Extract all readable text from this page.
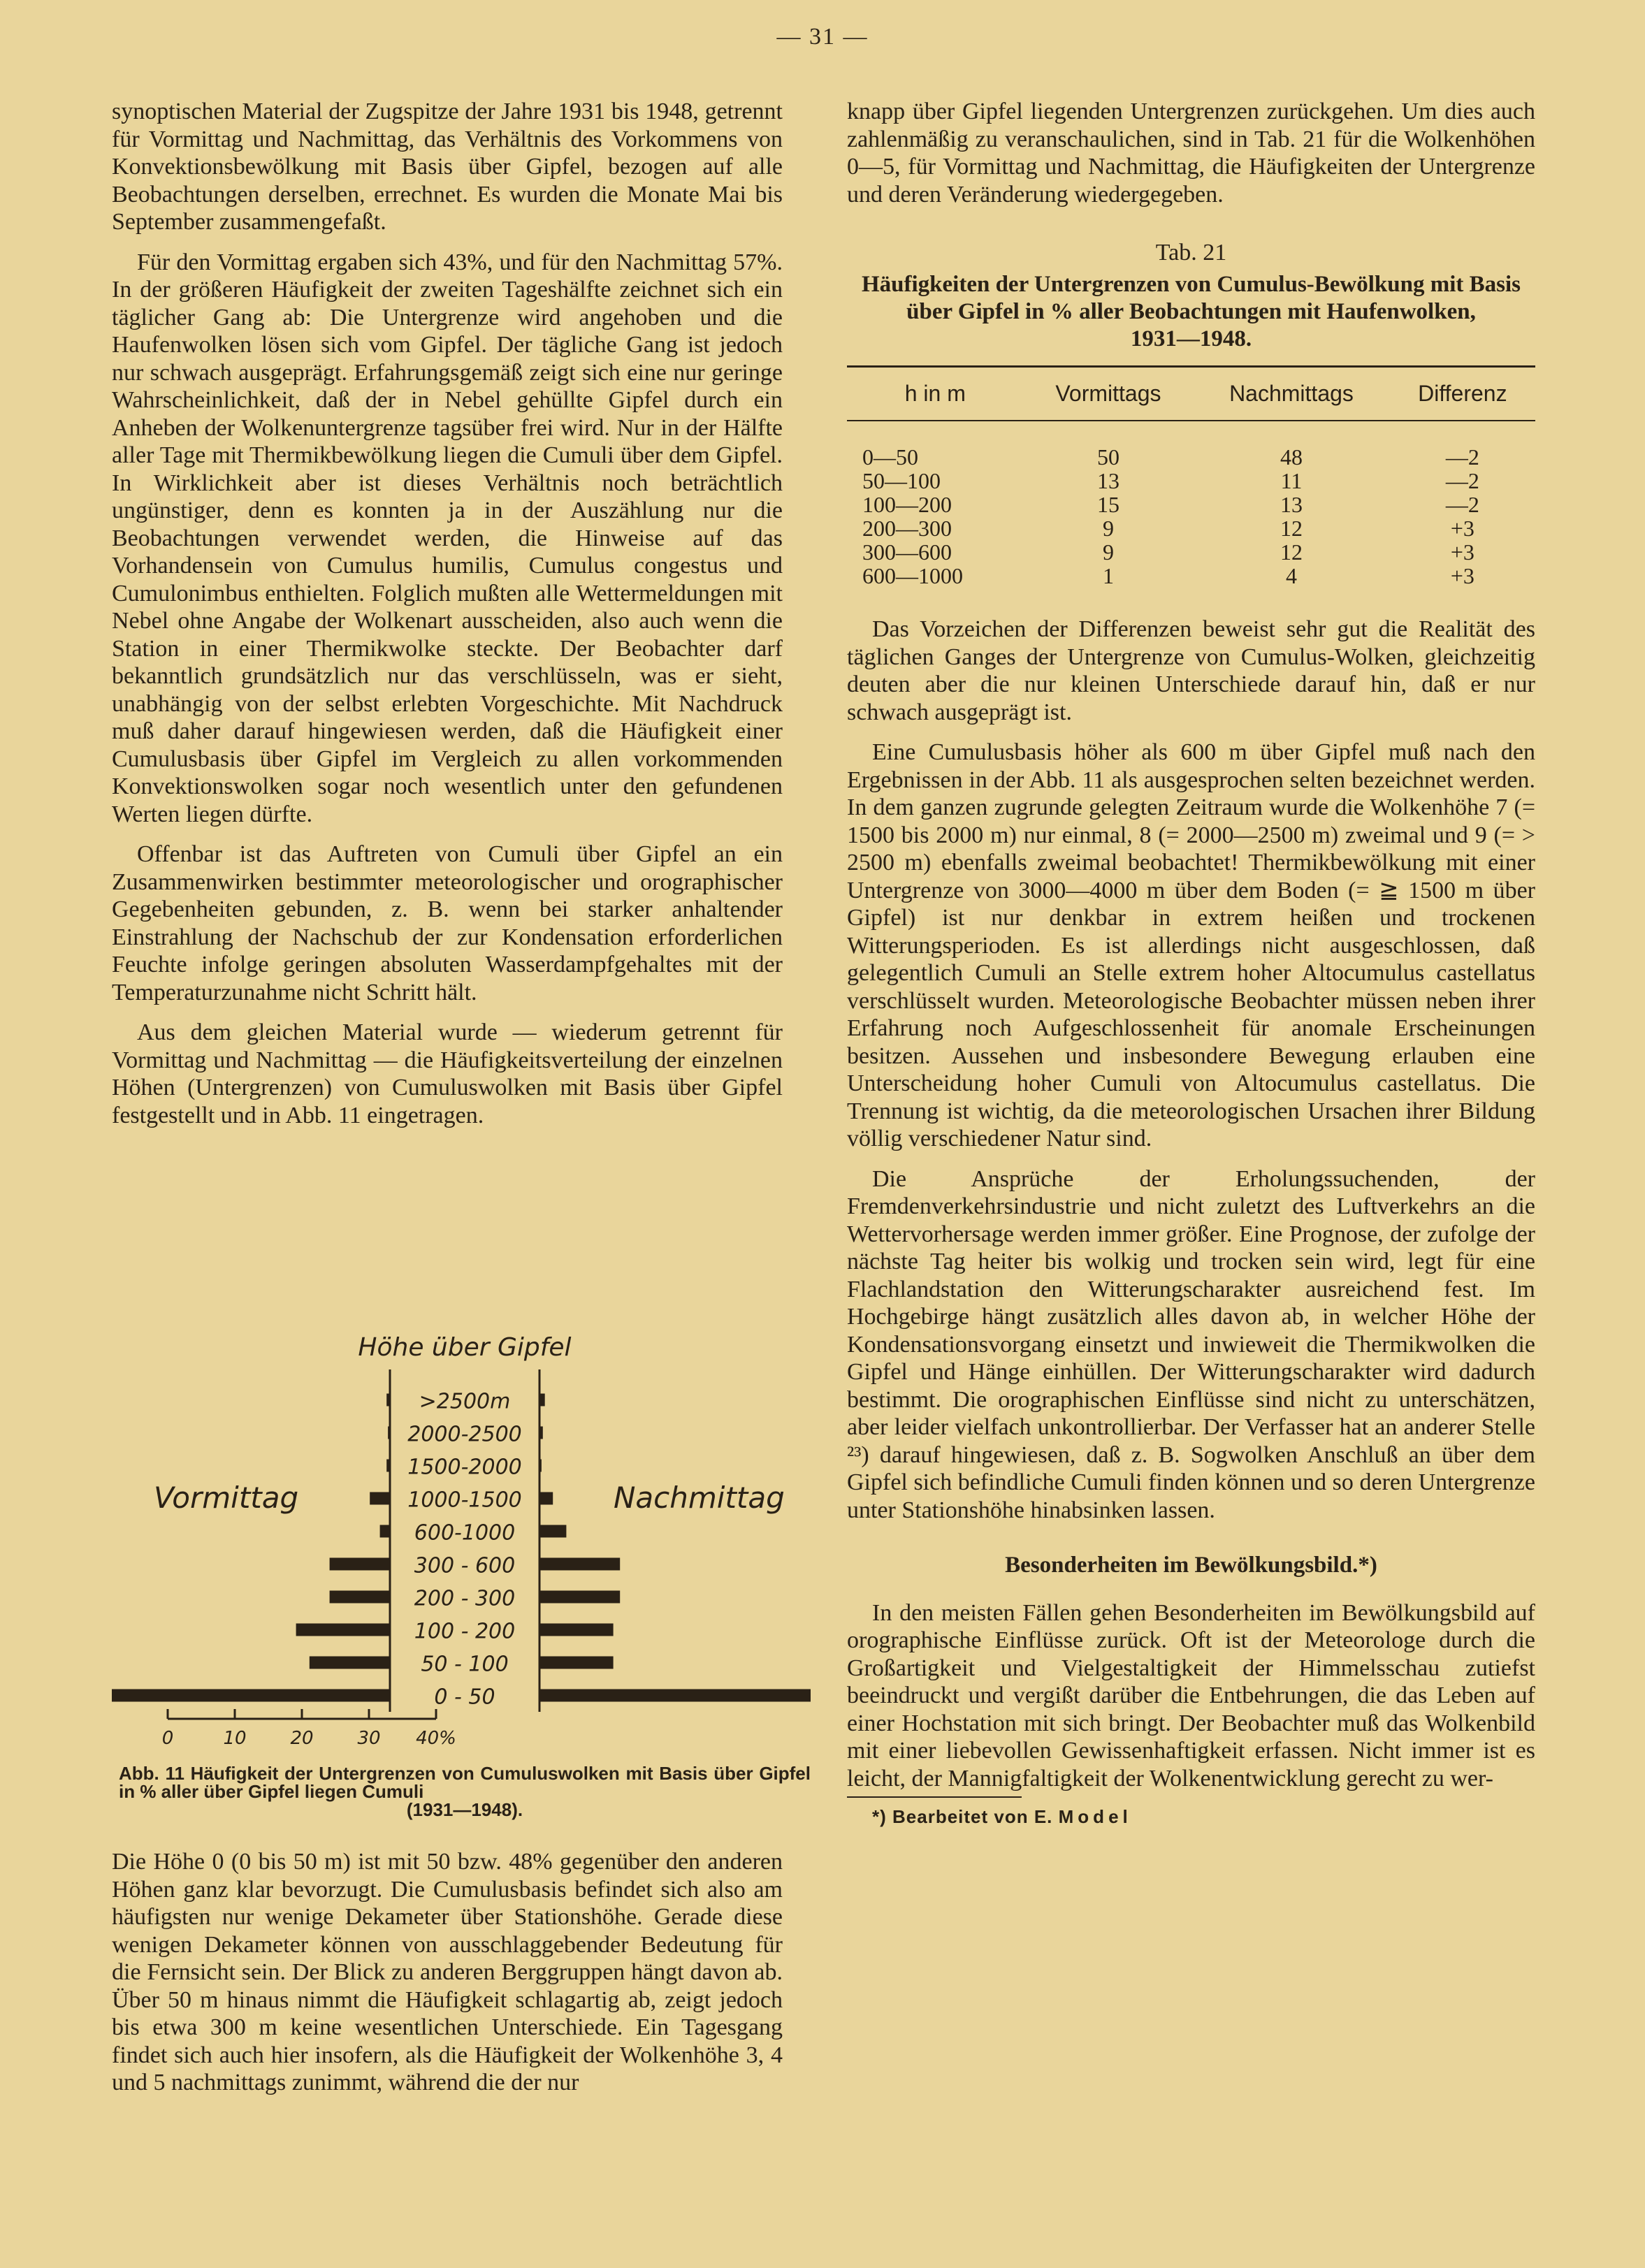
— 31 —

synoptischen Material der Zugspitze der Jahre 1931 bis 1948, getrennt für Vormittag und Nachmittag, das Verhältnis des Vorkommens von Konvektionsbewölkung mit Basis über Gipfel, bezogen auf alle Beobachtungen derselben, errechnet. Es wurden die Monate Mai bis September zusammengefaßt.

Für den Vormittag ergaben sich 43%, und für den Nachmittag 57%. In der größeren Häufigkeit der zweiten Tageshälfte zeichnet sich ein täglicher Gang ab: Die Untergrenze wird angehoben und die Haufenwolken lösen sich vom Gipfel. Der tägliche Gang ist jedoch nur schwach ausgeprägt. Erfahrungsgemäß zeigt sich eine nur geringe Wahrscheinlichkeit, daß der in Nebel gehüllte Gipfel durch ein Anheben der Wolkenuntergrenze tagsüber frei wird. Nur in der Hälfte aller Tage mit Thermikbewölkung liegen die Cumuli über dem Gipfel. In Wirklichkeit aber ist dieses Verhältnis noch beträchtlich ungünstiger, denn es konnten ja in der Auszählung nur die Beobachtungen verwendet werden, die Hinweise auf das Vorhandensein von Cumulus humilis, Cumulus congestus und Cumulonimbus enthielten. Folglich mußten alle Wettermeldungen mit Nebel ohne Angabe der Wolkenart ausscheiden, also auch wenn die Station in einer Thermikwolke steckte. Der Beobachter darf bekanntlich grundsätzlich nur das verschlüsseln, was er sieht, unabhängig von der selbst erlebten Vorgeschichte. Mit Nachdruck muß daher darauf hingewiesen werden, daß die Häufigkeit einer Cumulusbasis über Gipfel im Vergleich zu allen vorkommenden Konvektionswolken sogar noch wesentlich unter den gefundenen Werten liegen dürfte.

Offenbar ist das Auftreten von Cumuli über Gipfel an ein Zusammenwirken bestimmter meteorologischer und orographischer Gegebenheiten gebunden, z. B. wenn bei starker anhaltender Einstrahlung der Nachschub der zur Kondensation erforderlichen Feuchte infolge geringen absoluten Wasserdampfgehaltes mit der Temperaturzunahme nicht Schritt hält.

Aus dem gleichen Material wurde — wiederum getrennt für Vormittag und Nachmittag — die Häufigkeitsverteilung der einzelnen Höhen (Untergrenzen) von Cumuluswolken mit Basis über Gipfel festgestellt und in Abb. 11 eingetragen.

Höhe über Gipfel
>2500m
2000-2500
1500-2000
1000-1500
600-1000
300 - 600
200 - 300
100 - 200
50 - 100
0 - 50
Vormittag	Nachmittag
0	10 20 30 40%
Abb. 11 Häufigkeit der Untergrenzen von Cumuluswolken mit Basis über Gipfel in % aller über Gipfel liegen Cumuli
(1931—1948).

Die Höhe 0 (0 bis 50 m) ist mit 50 bzw. 48% gegenüber den anderen Höhen ganz klar bevorzugt. Die Cumulusbasis befindet sich also am häufigsten nur wenige Dekameter über Stationshöhe. Gerade diese wenigen Dekameter können von ausschlaggebender Bedeutung für die Fernsicht sein. Der Blick zu anderen Berggruppen hängt davon ab. Über 50 m hinaus nimmt die Häufigkeit schlagartig ab, zeigt jedoch bis etwa 300 m keine wesentlichen Unterschiede. Ein Tagesgang findet sich auch hier insofern, als die Häufigkeit der Wolkenhöhe 3, 4 und 5 nachmittags zunimmt, während die der nur

knapp über Gipfel liegenden Untergrenzen zurückgehen. Um dies auch zahlenmäßig zu veranschaulichen, sind in Tab. 21 für die Wolkenhöhen 0—5, für Vormittag und Nachmittag, die Häufigkeiten der Untergrenze und deren Veränderung wiedergegeben.

Tab. 21
Häufigkeiten der Untergrenzen von Cumulus-Bewölkung mit Basis über Gipfel in % aller Beobachtungen mit Haufenwolken,
1931—1948.
h in m	Vormittags	Nachmittags	Differenz
0—50	50	48	—2
50—100	13	11	—2
100—200	15	13	—2
200—300	9	12	+3
300—600	9	12	+3
600—1000	1	4	+3

Das Vorzeichen der Differenzen beweist sehr gut die Realität des täglichen Ganges der Untergrenze von Cumulus-Wolken, gleichzeitig deuten aber die nur kleinen Unterschiede darauf hin, daß er nur schwach ausgeprägt ist.

Eine Cumulusbasis höher als 600 m über Gipfel muß nach den Ergebnissen in der Abb. 11 als ausgesprochen selten bezeichnet werden. In dem ganzen zugrunde gelegten Zeitraum wurde die Wolkenhöhe 7 (= 1500 bis 2000 m) nur einmal, 8 (= 2000—2500 m) zweimal und 9 (= > 2500 m) ebenfalls zweimal beobachtet! Thermikbewölkung mit einer Untergrenze von 3000—4000 m über dem Boden (= ≧ 1500 m über Gipfel) ist nur denkbar in extrem heißen und trockenen Witterungsperioden. Es ist allerdings nicht ausgeschlossen, daß gelegentlich Cumuli an Stelle extrem hoher Altocumulus castellatus verschlüsselt wurden. Meteorologische Beobachter müssen neben ihrer Erfahrung noch Aufgeschlossenheit für anomale Erscheinungen besitzen. Aussehen und insbesondere Bewegung erlauben eine Unterscheidung hoher Cumuli von Altocumulus castellatus. Die Trennung ist wichtig, da die meteorologischen Ursachen ihrer Bildung völlig verschiedener Natur sind.

Die Ansprüche der Erholungssuchenden, der Fremdenverkehrsindustrie und nicht zuletzt des Luftverkehrs an die Wettervorhersage werden immer größer. Eine Prognose, der zufolge der nächste Tag heiter bis wolkig und trocken sein wird, legt für eine Flachlandstation den Witterungscharakter ausreichend fest. Im Hochgebirge hängt zusätzlich alles davon ab, in welcher Höhe der Kondensationsvorgang einsetzt und inwieweit die Thermikwolken die Gipfel und Hänge einhüllen. Der Witterungscharakter wird dadurch bestimmt. Die orographischen Einflüsse sind nicht zu unterschätzen, aber leider vielfach unkontrollierbar. Der Verfasser hat an anderer Stelle ²³) darauf hingewiesen, daß z. B. Sogwolken Anschluß an über dem Gipfel sich befindliche Cumuli finden können und so deren Untergrenze unter Stationshöhe hinabsinken lassen.

Besonderheiten im Bewölkungsbild.*)

In den meisten Fällen gehen Besonderheiten im Bewölkungsbild auf orographische Einflüsse zurück. Oft ist der Meteorologe durch die Großartigkeit und Vielgestaltigkeit der Himmelsschau zutiefst beeindruckt und vergißt darüber die Entbehrungen, die das Leben auf einer Hochstation mit sich bringt. Der Beobachter muß das Wolkenbild mit einer liebevollen Gewissenhaftigkeit erfassen. Nicht immer ist es leicht, der Mannigfaltigkeit der Wolkenentwicklung gerecht zu wer-

*) Bearbeitet von E. Model
